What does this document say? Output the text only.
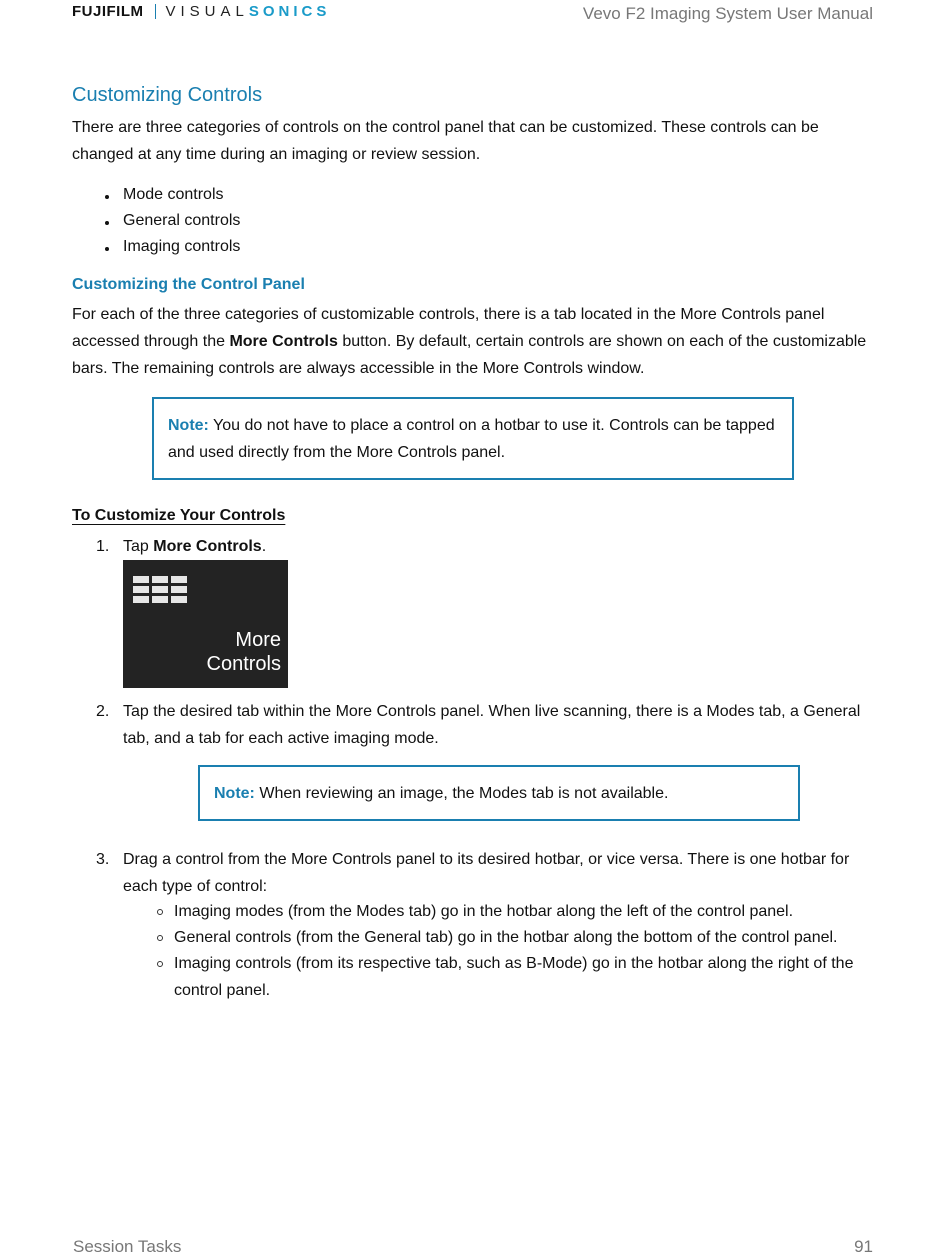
FUJIFILM VISUAL SONICS	Vevo F2 Imaging System User Manual
Customizing Controls

There are three categories of controls on the control panel that can be customized. These controls can be changed at any time during an imaging or review session.

Mode controls
General controls
Imaging controls
Customizing the Control Panel

For each of the three categories of customizable controls, there is a tab located in the More Controls panel accessed through the More Controls button. By default, certain controls are shown on each of the customizable bars. The remaining controls are always accessible in the More Controls window.

Note: You do not have to place a control on a hotbar to use it. Controls can be tapped and used directly from the More Controls panel.
To Customize Your Controls
1. Tap More Controls.
More
Controls
2. Tap the desired tab within the More Controls panel. When live scanning, there is a Modes tab, a General tab, and a tab for each active imaging mode.
Note: When reviewing an image, the Modes tab is not available.
3. Drag a control from the More Controls panel to its desired hotbar, or vice versa. There is one hotbar for each type of control:
Imaging modes (from the Modes tab) go in the hotbar along the left of the control panel.
General controls (from the General tab) go in the hotbar along the bottom of the control panel.
Imaging controls (from its respective tab, such as B-Mode) go in the hotbar along the right of the control panel.
Session Tasks	91
